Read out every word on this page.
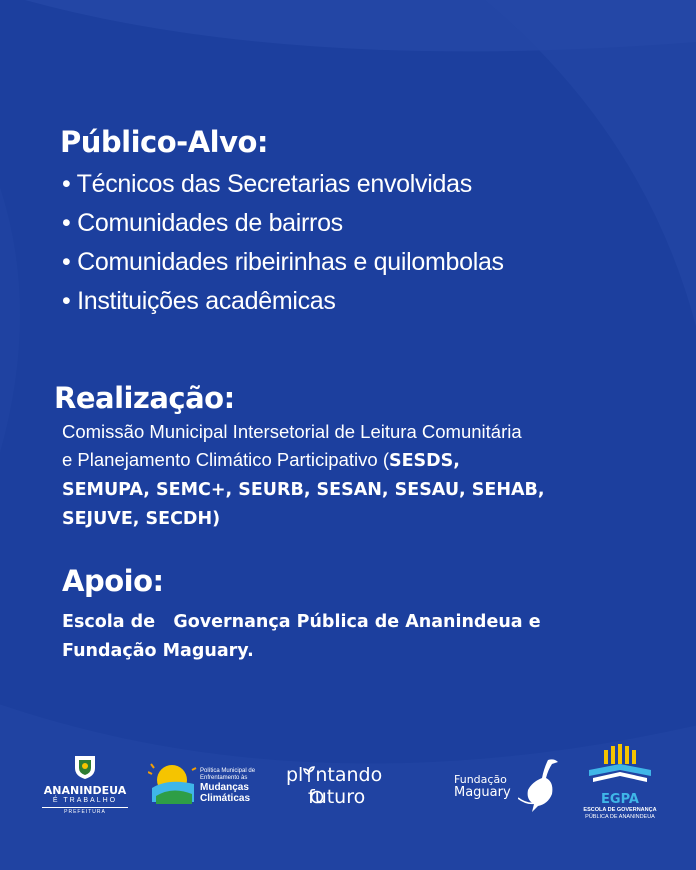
Público-Alvo:
• Técnicos das Secretarias envolvidas
• Comunidades de bairros
• Comunidades ribeirinhas e quilombolas
• Instituições acadêmicas
Realização:

Comissão Municipal Intersetorial de Leitura Comunitária

e Planejamento Climático Participativo (SESDS,

SEMUPA, SEMC+, SEURB, SESAN, SESAU, SEHAB,

SEJUVE, SECDH)

Apoio:

Escola de   Governança Pública de Ananindeua e

Fundação Maguary.

ANANINDEUA
É TRABALHO
PREFEITURA
Política Municipal de
Enfrentamento às
Mudanças
Climáticas
pl ntando
futuro
Fundação
Maguary	EGPA
ESCOLA DE GOVERNANÇA
PÚBLICA DE ANANINDEUA
